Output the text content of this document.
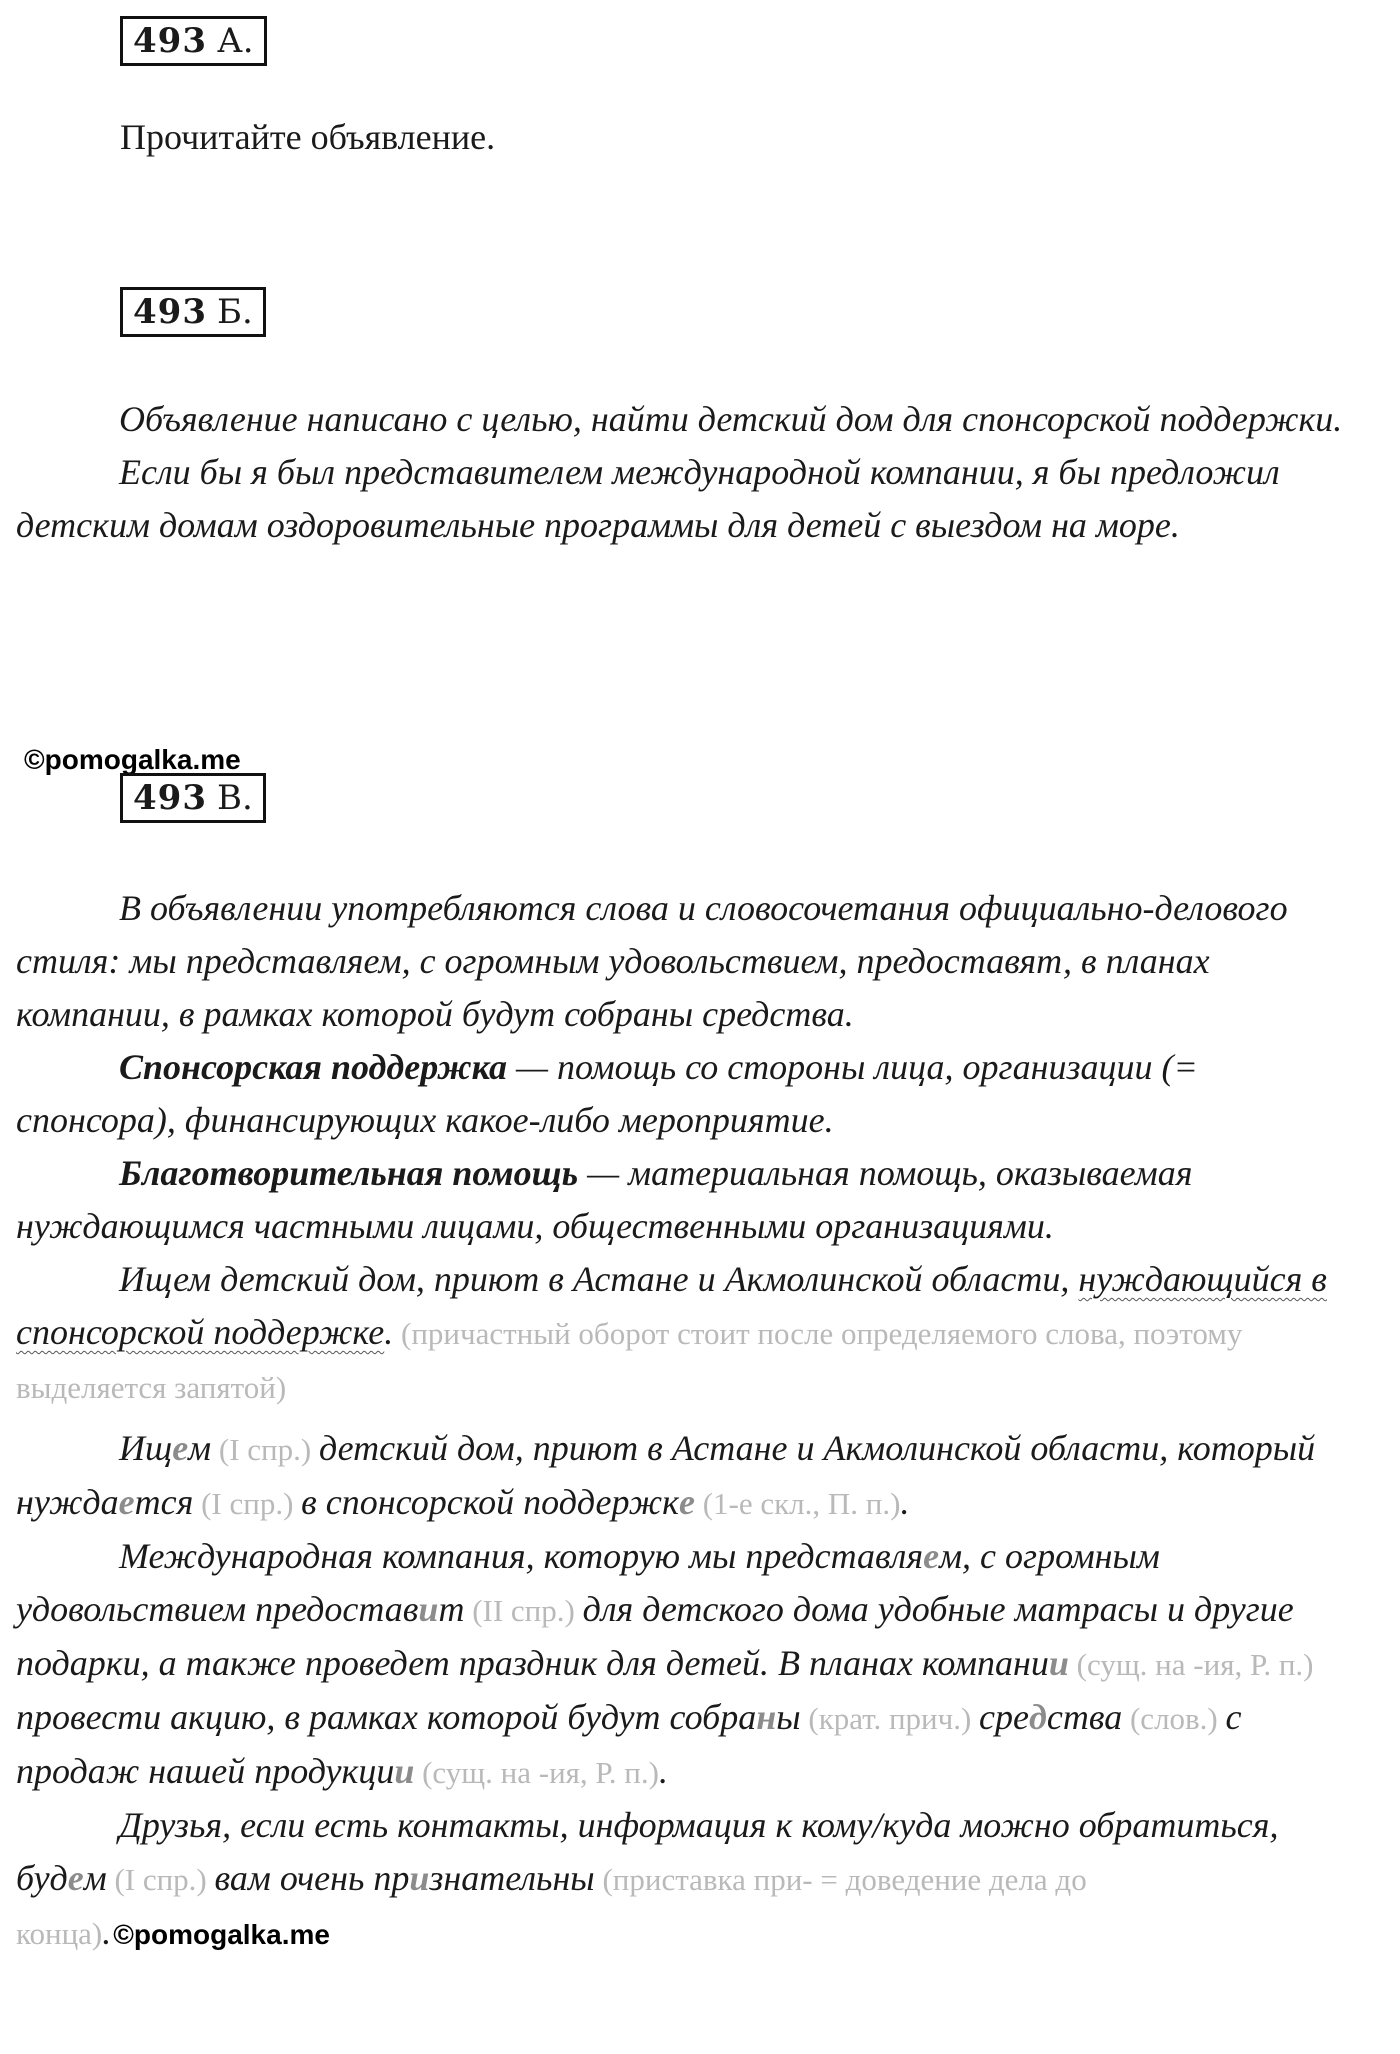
493 А.
Прочитайте объявление.
493 Б.

Объявление написано с целью, найти детский дом для спонсорской поддержки.

Если бы я был представителем международной компании, я бы предложил детским домам оздоровительные программы для детей с выездом на море.

©pomogalka.me
493 В.

В объявлении употребляются слова и словосочетания официально-делового стиля: мы представляем, с огромным удовольствием, предоставят, в планах компании, в рамках которой будут собраны средства.

Спонсорская поддержка — помощь со стороны лица, организации (= спонсора), финансирующих какое-либо мероприятие.

Благотворительная помощь — материальная помощь, оказываемая нуждающимся частными лицами, общественными организациями.

Ищем детский дом, приют в Астане и Акмолинской области, нуждающийся в спонсорской поддержке. (причастный оборот стоит после определяемого слова, поэтому выделяется запятой)

Ищем (I спр.) детский дом, приют в Астане и Акмолинской области, который нуждается (I спр.) в спонсорской поддержке (1-е скл., П. п.).

Международная компания, которую мы представляем, с огромным удовольствием предоставит (II спр.) для детского дома удобные матрасы и другие подарки, а также проведет праздник для детей. В планах компании (сущ. на -ия, Р. п.) провести акцию, в рамках которой будут собраны (крат. прич.) средства (слов.) с продаж нашей продукции (сущ. на -ия, Р. п.).

Друзья, если есть контакты, информация к кому/куда можно обратиться, будем (I спр.) вам очень признательны (приставка при- = доведение дела до конца).©pomogalka.me
